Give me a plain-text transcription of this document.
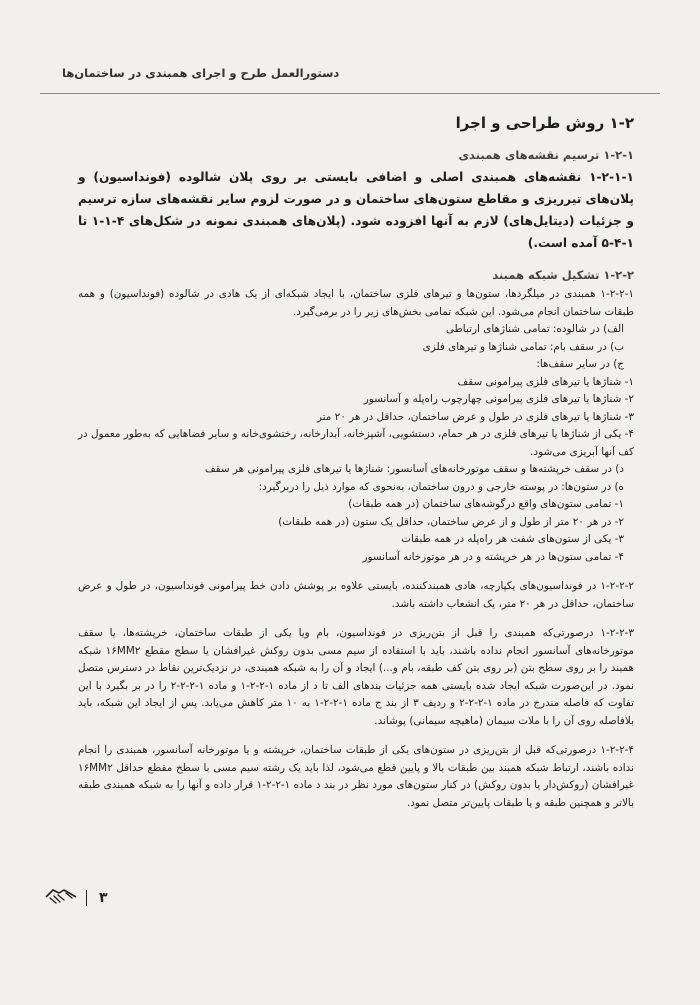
دستورالعمل طرح و اجرای همبندی در ساختمان‌ها
۱-۲ روش طراحی و اجرا
۱-۲-۱ ترسیم نقشه‌های همبندی

۱-۲-۱-۱ نقشه‌های همبندی اصلی و اضافی بایستی بر روی پلان شالوده (فونداسیون) و پلان‌های تیرریزی و مقاطع ستون‌های ساختمان و در صورت لزوم سایر نقشه‌های سازه ترسیم و جزئیات (دیتایل‌های) لازم به آنها افزوده شود. (پلان‌های همبندی نمونه در شکل‌های ۴-۱-۱ تا ۱-۴-۵ آمده است.)

۱-۲-۲ تشکیل شبکه همبند

۱-۲-۲-۱ همبندی در میلگردها، ستون‌ها و تیرهای فلزی ساختمان، با ایجاد شبکه‌ای از یک هادی در شالوده (فونداسیون) و همه طبقات ساختمان انجام می‌شود. این شبکه تمامی بخش‌های زیر را در برمی‌گیرد.

الف) در شالوده: تمامی شناژهای ارتباطی
ب) در سقف بام: تمامی شناژها و تیرهای فلزی
ج) در سایر سقف‌ها:
۱- شناژها یا تیرهای فلزی پیرامونی سقف
۲- شناژها یا تیرهای فلزی پیرامونی چهارچوب راه‌پله و آسانسور
۳- شناژها یا تیرهای فلزی در طول و عرض ساختمان، حداقل در هر ۲۰ متر

۴- یکی از شناژها یا تیرهای فلزی در هر حمام، دستشویی، آشپزخانه، آبدارخانه، رختشوی‌خانه و سایر فضاهایی که به‌طور معمول در کف آنها آبریزی می‌شود.

د) در سقف خرپشته‌ها و سقف موتورخانه‌های آسانسور: شناژها یا تیرهای فلزی پیرامونی هر سقف
ه) در ستون‌ها: در پوسته خارجی و درون ساختمان، به‌نحوی که موارد ذیل را دربرگیرد:
۱- تمامی ستون‌های واقع درگوشه‌های ساختمان (در همه طبقات)
۲- در هر ۲۰ متر از طول و از عرض ساختمان، حداقل یک ستون (در همه طبقات)
۳- یکی از ستون‌های شفت هر راه‌پله در همه طبقات
۴- تمامی ستون‌ها در هر خرپشته و در هر موتورخانه آسانسور

۱-۲-۲-۲ در فونداسیون‌های یکپارچه، هادی همبندکننده، بایستی علاوه بر پوشش دادن خط پیرامونی فونداسیون، در طول و عرض ساختمان، حداقل در هر ۲۰ متر، یک انشعاب داشته باشد.

۱-۲-۲-۳ درصورتی‌که همبندی را قبل از بتن‌ریزی در فونداسیون، بام ویا یکی از طبقات ساختمان، خرپشته‌ها، یا سقف موتورخانه‌های آسانسور انجام نداده باشند، باید با استفاده از سیم مسی بدون روکش غیرافشان یا سطح مقطع ۱۶MM۲ شبکه همبند را بر روی سطح بتن (بر روی بتن کف طبقه، بام و...) ایجاد و آن را به شبکه همبندی، در نزدیک‌ترین نقاط در دسترس متصل نمود. در این‌صورت شبکه ایجاد شده بایستی همه جزئیات بندهای الف تا د از ماده ۱-۲-۲-۱ و ماده ۱-۲-۲-۲ را در بر بگیرد با این تفاوت که فاصله مندرج در ماده ۱-۲-۲-۲ و ردیف ۳ از بند ج ماده ۱-۲-۲-۱ به ۱۰ متر کاهش می‌یابد. پس از ایجاد این شبکه، باید بلافاصله روی آن را با ملات سیمان (ماهیچه سیمانی) پوشاند.

۱-۲-۲-۴ درصورتی‌که قبل از بتن‌ریزی در ستون‌های یکی از طبقات ساختمان، خرپشته و یا موتورخانه آسانسور، همبندی را انجام نداده باشند، ارتباط شبکه همبند بین طبقات بالا و پایین قطع می‌شود، لذا باید یک رشته سیم مسی با سطح مقطع حداقل ۱۶MM۲ غیرافشان (روکش‌دار یا بدون روکش) در کنار ستون‌های مورد نظر در بند د ماده ۱-۲-۲-۱ قرار داده و آنها را به شبکه همبندی طبقه بالاتر و همچنین طبقه و یا طبقات پایین‌تر متصل نمود.

۳
